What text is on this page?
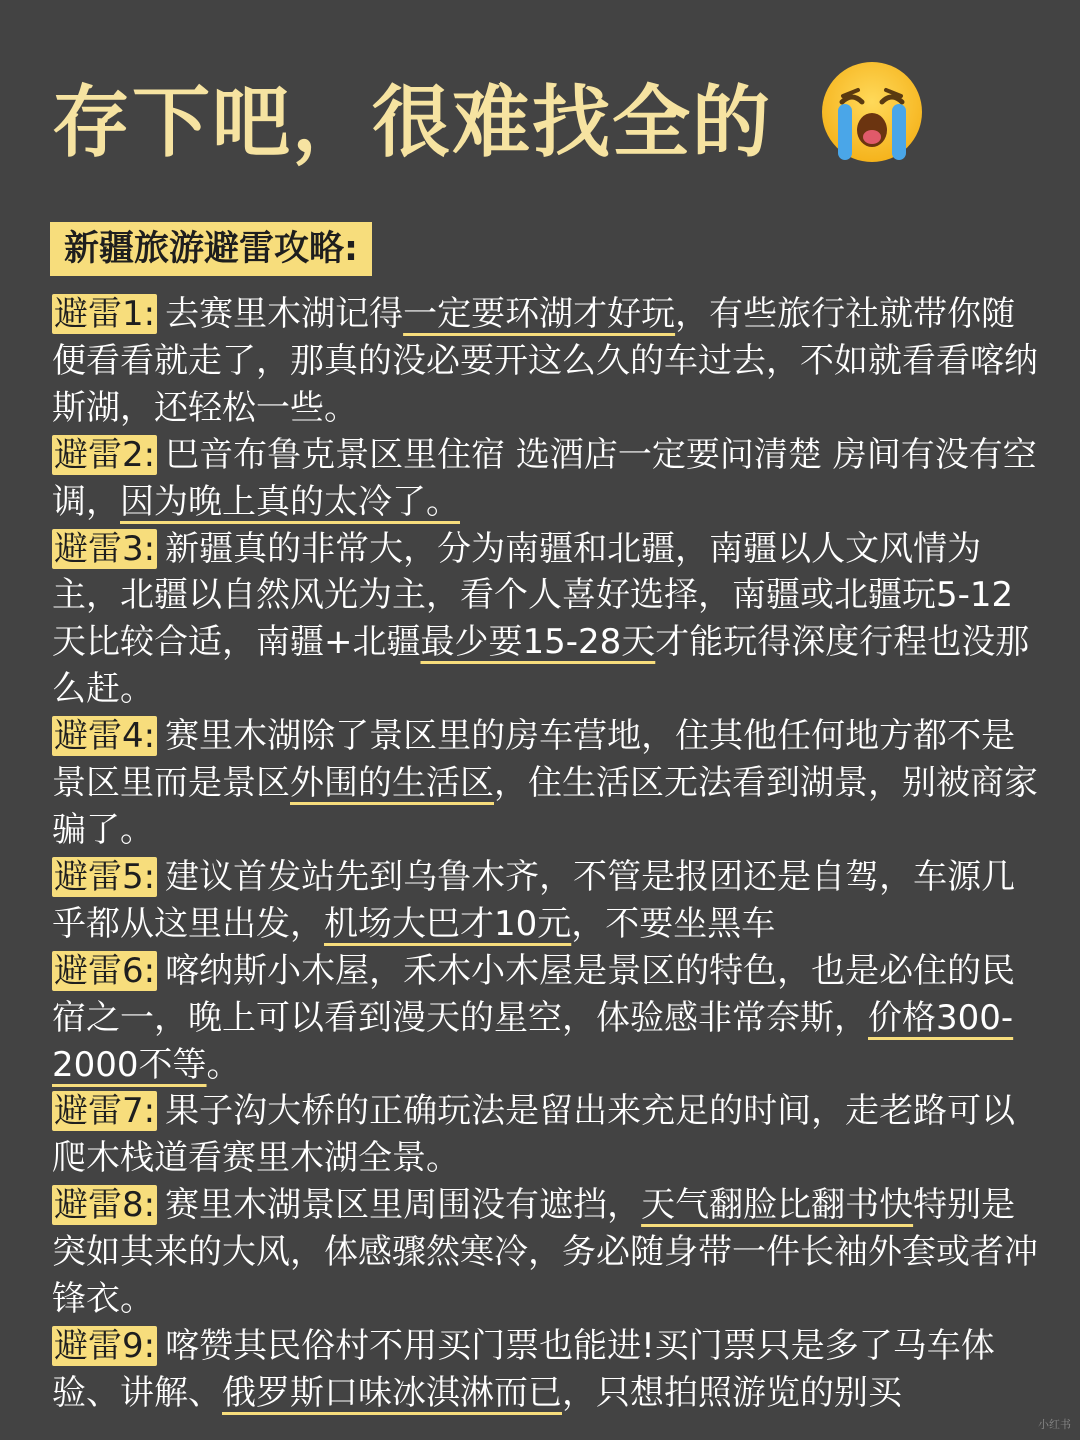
存下吧，很难找全的
新疆旅游避雷攻略:

避雷1: 去赛里木湖记得一定要环湖才好玩，有些旅行社就带你随便看看就走了，那真的没必要开这么久的车过去，不如就看看喀纳斯湖，还轻松一些。

避雷2: 巴音布鲁克景区里住宿 选酒店一定要问清楚 房间有没有空调，因为晚上真的太冷了。

避雷3: 新疆真的非常大，分为南疆和北疆，南疆以人文风情为主，北疆以自然风光为主，看个人喜好选择，南疆或北疆玩5-12天比较合适，南疆+北疆最少要15-28天才能玩得深度行程也没那么赶。

避雷4: 赛里木湖除了景区里的房车营地，住其他任何地方都不是景区里而是景区外围的生活区，住生活区无法看到湖景，别被商家骗了。

避雷5: 建议首发站先到乌鲁木齐，不管是报团还是自驾，车源几乎都从这里出发，机场大巴才10元，不要坐黑车

避雷6: 喀纳斯小木屋，禾木小木屋是景区的特色，也是必住的民宿之一，晚上可以看到漫天的星空，体验感非常奈斯，价格300-2000不等。

避雷7: 果子沟大桥的正确玩法是留出来充足的时间，走老路可以爬木栈道看赛里木湖全景。

避雷8: 赛里木湖景区里周围没有遮挡，天气翻脸比翻书快特别是突如其来的大风，体感骤然寒冷，务必随身带一件长袖外套或者冲锋衣。

避雷9: 喀赞其民俗村不用买门票也能进!买门票只是多了马车体验、讲解、俄罗斯口味冰淇淋而已，只想拍照游览的别买

小红书
